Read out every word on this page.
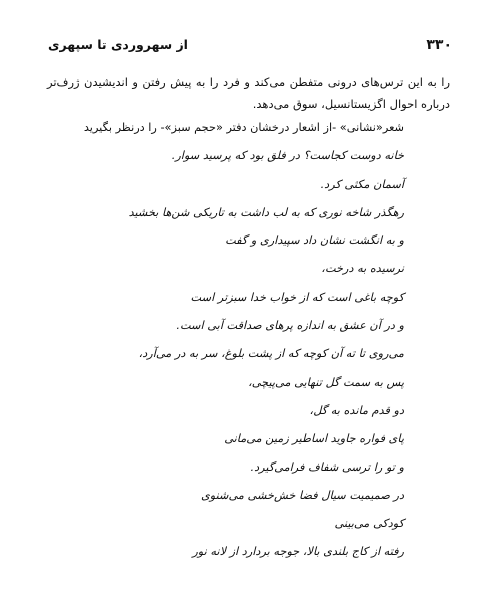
۳۳۰
از سهروردی تا سپهری

را به این ترس‌های درونی متفطن می‌کند و فرد را به پیش رفتن و اندیشیدن ژرف‌تر درباره احوال اگزیستانسیل، سوق می‌دهد.

شعر«نشانی» -از اشعار درخشان دفتر «حجم سبز»- را درنظر بگیرید
خانه دوست کجاست؟ در فلق بود که پرسید سوار.
آسمان مکثی کرد.
رهگذر شاخه نوری که به لب داشت به تاریکی شن‌ها بخشید
و به انگشت نشان داد سپیداری و گفت
نرسیده به درخت،
کوچه باغی است که از خواب خدا سبزتر است
و در آن عشق به اندازه پرهای صداقت آبی است.
می‌روی تا ته آن کوچه که از پشت بلوغ، سر به در می‌آرد،
پس به سمت گل تنهایی می‌پیچی،
دو قدم مانده به گل،
پای فواره جاوید اساطیر زمین می‌مانی
و تو را ترسی شفاف فرامی‌گیرد.
در صمیمیت سیال فضا خش‌خشی می‌شنوی
کودکی می‌بینی
رفته از کاج بلندی بالا، جوجه بردارد از لانه نور
